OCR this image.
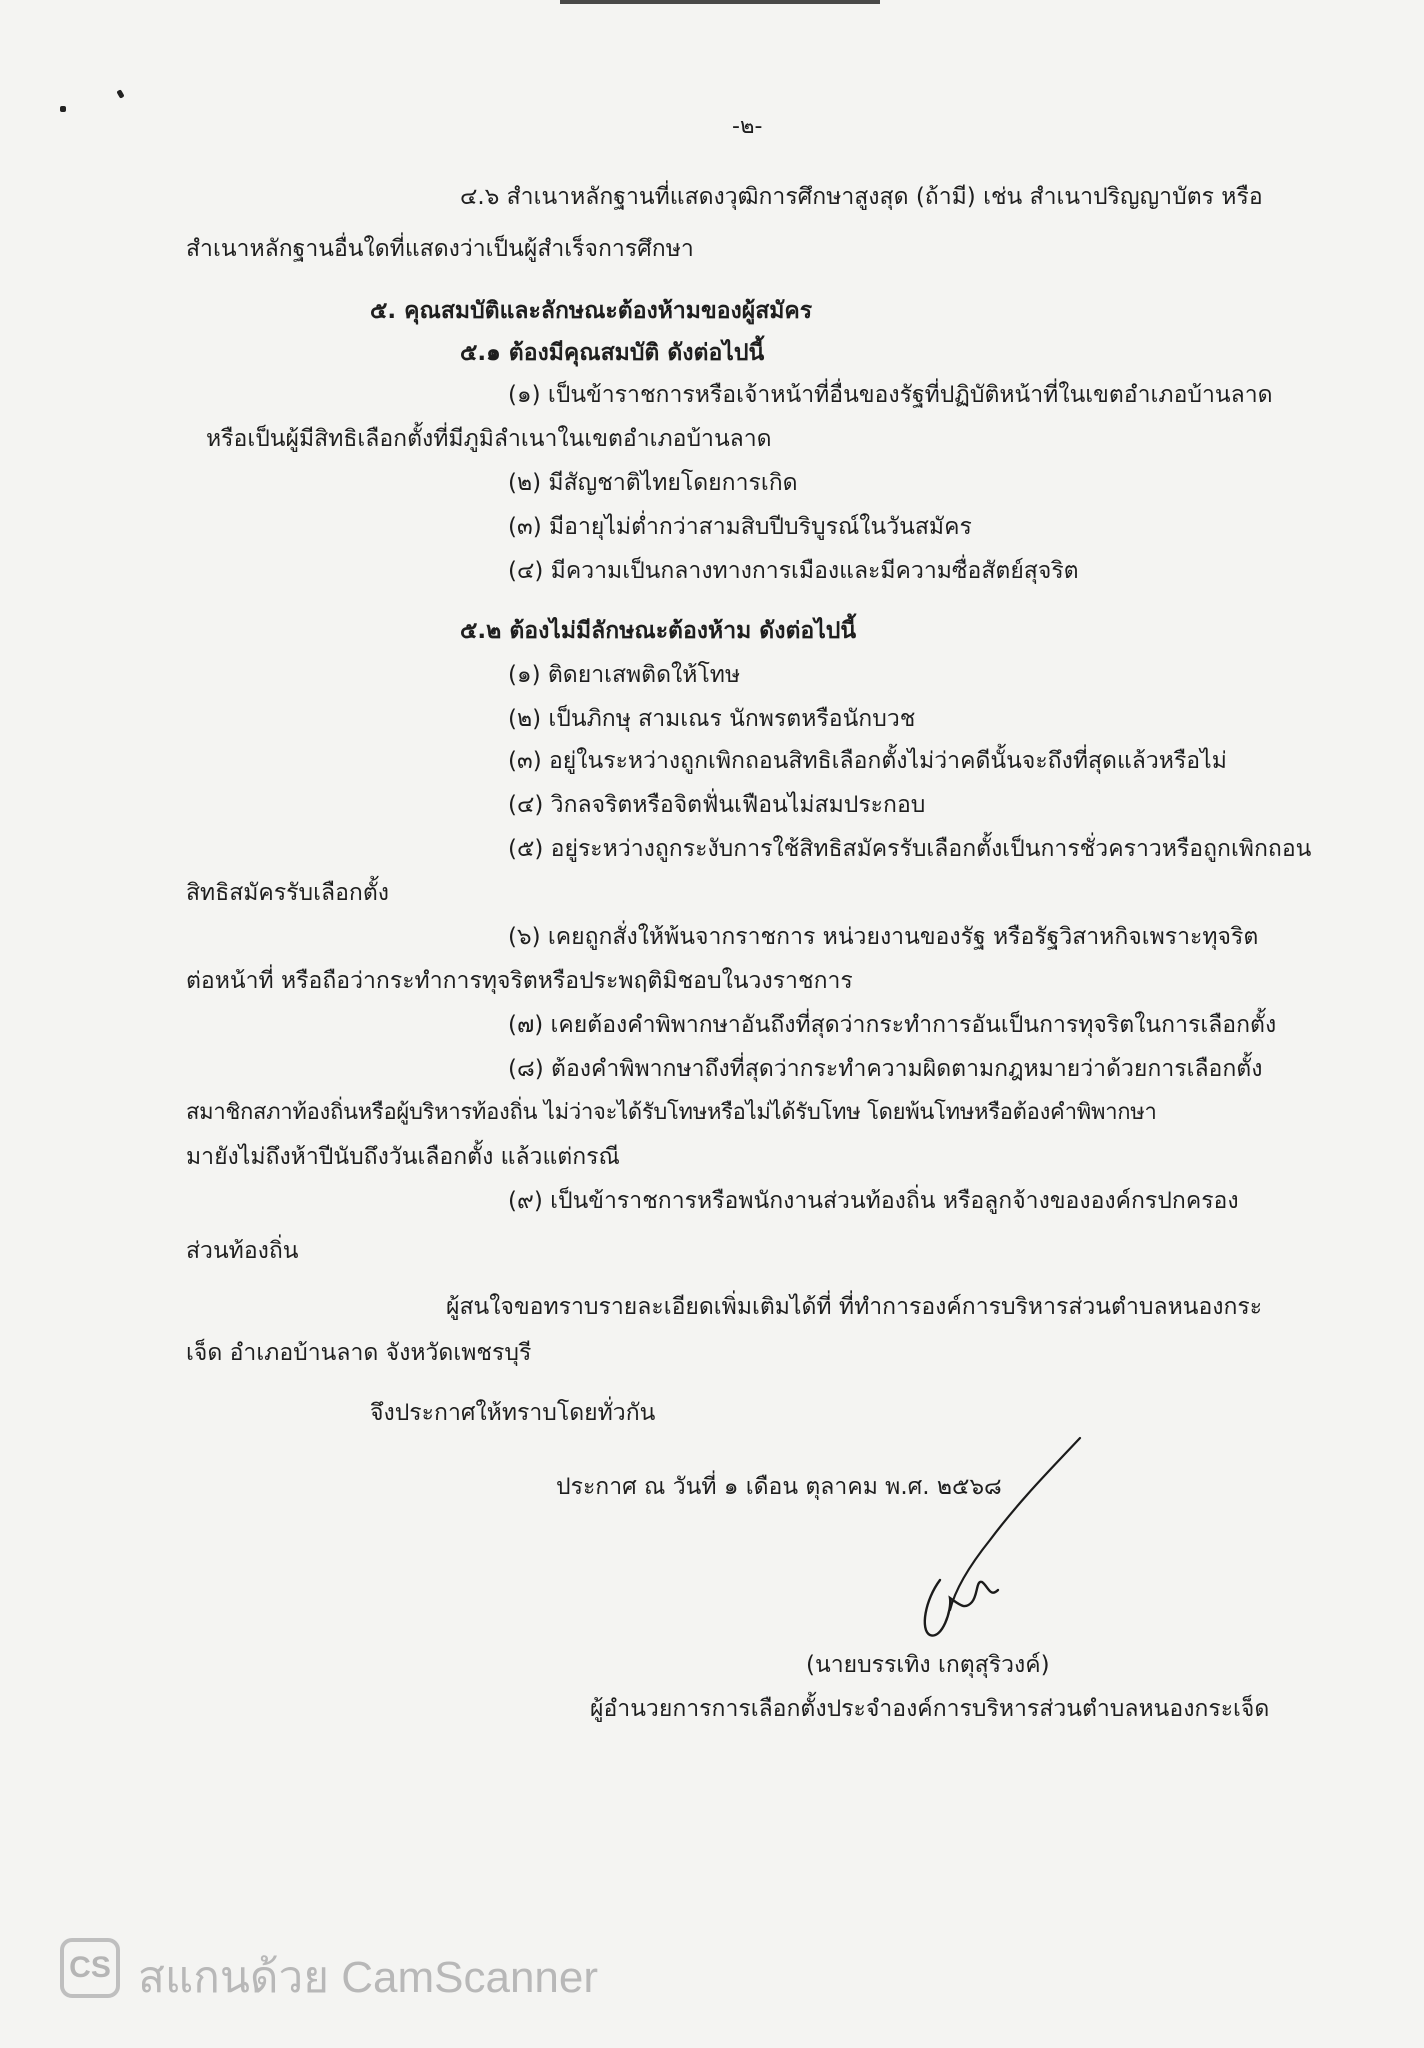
-๒-
๔.๖ สำเนาหลักฐานที่แสดงวุฒิการศึกษาสูงสุด (ถ้ามี) เช่น สำเนาปริญญาบัตร หรือ
สำเนาหลักฐานอื่นใดที่แสดงว่าเป็นผู้สำเร็จการศึกษา
๕. คุณสมบัติและลักษณะต้องห้ามของผู้สมัคร
๕.๑ ต้องมีคุณสมบัติ ดังต่อไปนี้
(๑) เป็นข้าราชการหรือเจ้าหน้าที่อื่นของรัฐที่ปฏิบัติหน้าที่ในเขตอำเภอบ้านลาด
หรือเป็นผู้มีสิทธิเลือกตั้งที่มีภูมิลำเนาในเขตอำเภอบ้านลาด
(๒) มีสัญชาติไทยโดยการเกิด
(๓) มีอายุไม่ต่ำกว่าสามสิบปีบริบูรณ์ในวันสมัคร
(๔) มีความเป็นกลางทางการเมืองและมีความซื่อสัตย์สุจริต
๕.๒ ต้องไม่มีลักษณะต้องห้าม ดังต่อไปนี้
(๑) ติดยาเสพติดให้โทษ
(๒) เป็นภิกษุ สามเณร นักพรตหรือนักบวช
(๓) อยู่ในระหว่างถูกเพิกถอนสิทธิเลือกตั้งไม่ว่าคดีนั้นจะถึงที่สุดแล้วหรือไม่
(๔) วิกลจริตหรือจิตฟั่นเฟือนไม่สมประกอบ
(๕) อยู่ระหว่างถูกระงับการใช้สิทธิสมัครรับเลือกตั้งเป็นการชั่วคราวหรือถูกเพิกถอน
สิทธิสมัครรับเลือกตั้ง
(๖) เคยถูกสั่งให้พ้นจากราชการ หน่วยงานของรัฐ หรือรัฐวิสาหกิจเพราะทุจริต
ต่อหน้าที่ หรือถือว่ากระทำการทุจริตหรือประพฤติมิชอบในวงราชการ
(๗) เคยต้องคำพิพากษาอันถึงที่สุดว่ากระทำการอันเป็นการทุจริตในการเลือกตั้ง
(๘) ต้องคำพิพากษาถึงที่สุดว่ากระทำความผิดตามกฎหมายว่าด้วยการเลือกตั้ง
สมาชิกสภาท้องถิ่นหรือผู้บริหารท้องถิ่น ไม่ว่าจะได้รับโทษหรือไม่ได้รับโทษ โดยพ้นโทษหรือต้องคำพิพากษา
มายังไม่ถึงห้าปีนับถึงวันเลือกตั้ง แล้วแต่กรณี
(๙) เป็นข้าราชการหรือพนักงานส่วนท้องถิ่น หรือลูกจ้างขององค์กรปกครอง
ส่วนท้องถิ่น
ผู้สนใจขอทราบรายละเอียดเพิ่มเติมได้ที่ ที่ทำการองค์การบริหารส่วนตำบลหนองกระ
เจ็ด อำเภอบ้านลาด จังหวัดเพชรบุรี
จึงประกาศให้ทราบโดยทั่วกัน
ประกาศ ณ วันที่ ๑ เดือน ตุลาคม พ.ศ. ๒๕๖๘
(นายบรรเทิง เกตุสุริวงค์)
ผู้อำนวยการการเลือกตั้งประจำองค์การบริหารส่วนตำบลหนองกระเจ็ด
CS สแกนด้วย CamScanner
